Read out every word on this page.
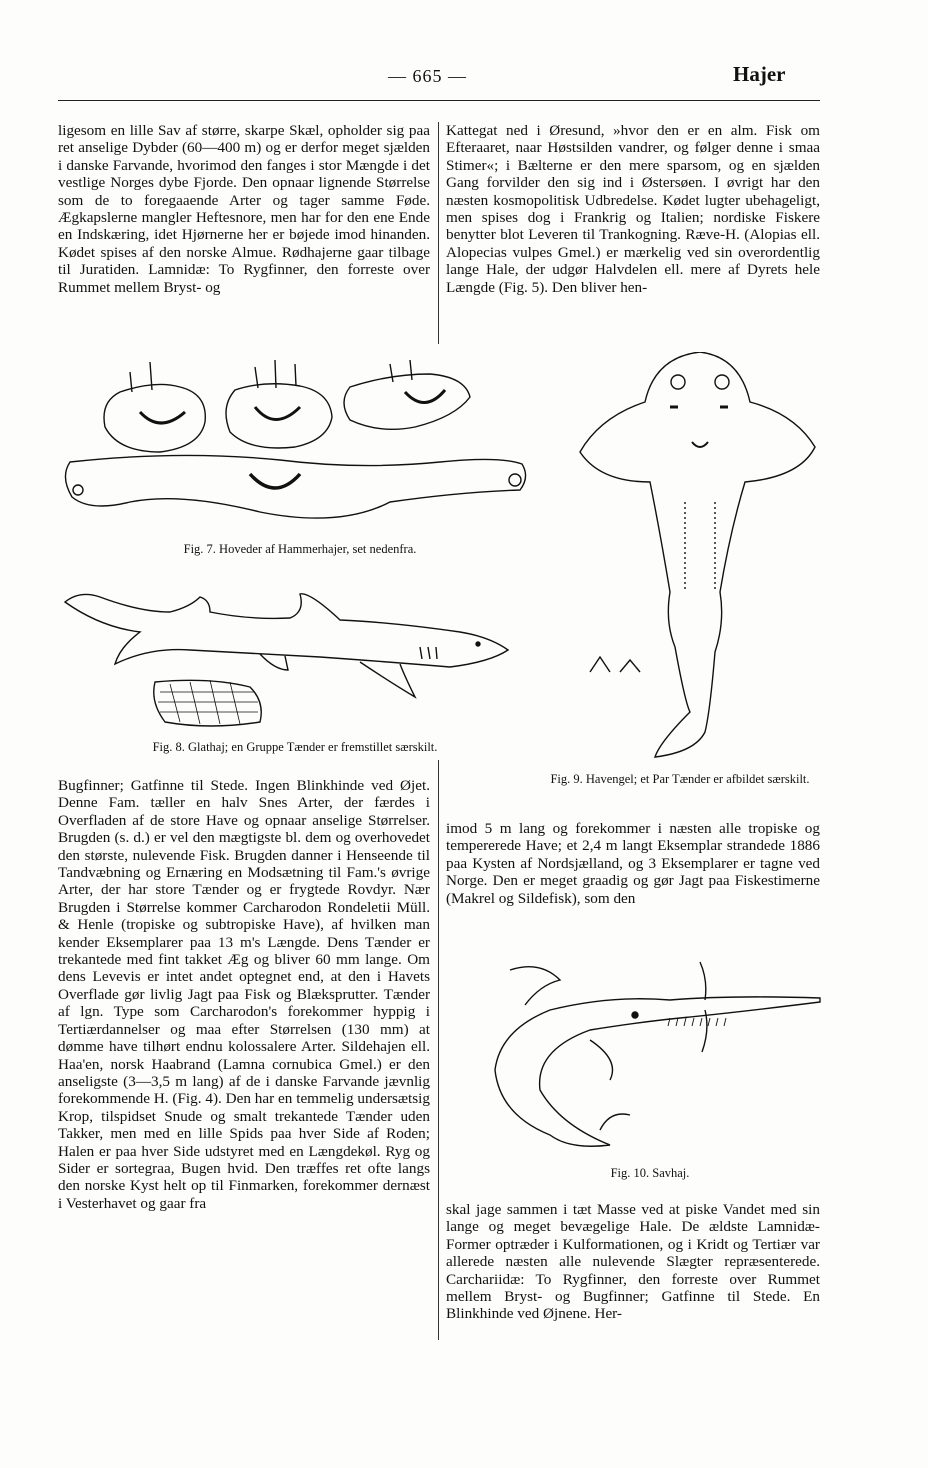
— 665 —	Hajer

ligesom en lille Sav af større, skarpe Skæl, opholder sig paa ret anselige Dybder (60—400 m) og er derfor meget sjælden i danske Farvande, hvorimod den fanges i stor Mængde i det vestlige Norges dybe Fjorde. Den opnaar lignende Størrelse som de to foregaaende Arter og tager samme Føde. Ægkapslerne mangler Heftesnore, men har for den ene Ende en Indskæring, idet Hjørnerne her er bøjede imod hinanden. Kødet spises af den norske Almue. Rødhajerne gaar tilbage til Juratiden. Lamnidæ: To Rygfinner, den forreste over Rummet mellem Bryst- og

Kattegat ned i Øresund, »hvor den er en alm. Fisk om Efteraaret, naar Høstsilden vandrer, og følger denne i smaa Stimer«; i Bælterne er den mere sparsom, og en sjælden Gang forvilder den sig ind i Østersøen. I øvrigt har den næsten kosmopolitisk Udbredelse. Kødet lugter ubehageligt, men spises dog i Frankrig og Italien; nordiske Fiskere benytter blot Leveren til Trankogning. Ræve-H. (Alopias ell. Alopecias vulpes Gmel.) er mærkelig ved sin overordentlig lange Hale, der udgør Halvdelen ell. mere af Dyrets hele Længde (Fig. 5). Den bliver hen-

Fig. 7. Hoveder af Hammerhajer, set nedenfra.
Fig. 8. Glathaj; en Gruppe Tænder er fremstillet særskilt.
Fig. 9. Havengel; et Par Tænder er afbildet særskilt.

Bugfinner; Gatfinne til Stede. Ingen Blinkhinde ved Øjet. Denne Fam. tæller en halv Snes Arter, der færdes i Overfladen af de store Have og opnaar anselige Størrelser. Brugden (s. d.) er vel den mægtigste bl. dem og overhovedet den største, nulevende Fisk. Brugden danner i Henseende til Tandvæbning og Ernæring en Modsætning til Fam.'s øvrige Arter, der har store Tænder og er frygtede Rovdyr. Nær Brugden i Størrelse kommer Carcharodon Rondeletii Müll. & Henle (tropiske og subtropiske Have), af hvilken man kender Eksemplarer paa 13 m's Længde. Dens Tænder er trekantede med fint takket Æg og bliver 60 mm lange. Om dens Levevis er intet andet optegnet end, at den i Havets Overflade gør livlig Jagt paa Fisk og Blæksprutter. Tænder af lgn. Type som Carcharodon's forekommer hyppig i Tertiærdannelser og maa efter Størrelsen (130 mm) at dømme have tilhørt endnu kolossalere Arter. Sildehajen ell. Haa'en, norsk Haabrand (Lamna cornubica Gmel.) er den anseligste (3—3,5 m lang) af de i danske Farvande jævnlig forekommende H. (Fig. 4). Den har en temmelig undersætsig Krop, tilspidset Snude og smalt trekantede Tænder uden Takker, men med en lille Spids paa hver Side af Roden; Halen er paa hver Side udstyret med en Længdekøl. Ryg og Sider er sortegraa, Bugen hvid. Den træffes ret ofte langs den norske Kyst helt op til Finmarken, forekommer dernæst i Vesterhavet og gaar fra

imod 5 m lang og forekommer i næsten alle tropiske og tempererede Have; et 2,4 m langt Eksemplar strandede 1886 paa Kysten af Nordsjælland, og 3 Eksemplarer er tagne ved Norge. Den er meget graadig og gør Jagt paa Fiskestimerne (Makrel og Sildefisk), som den

Fig. 10. Savhaj.

skal jage sammen i tæt Masse ved at piske Vandet med sin lange og meget bevægelige Hale. De ældste Lamnidæ-Former optræder i Kulformationen, og i Kridt og Tertiær var allerede næsten alle nulevende Slægter repræsenterede. Carchariidæ: To Rygfinner, den forreste over Rummet mellem Bryst- og Bugfinner; Gatfinne til Stede. En Blinkhinde ved Øjnene. Her-
